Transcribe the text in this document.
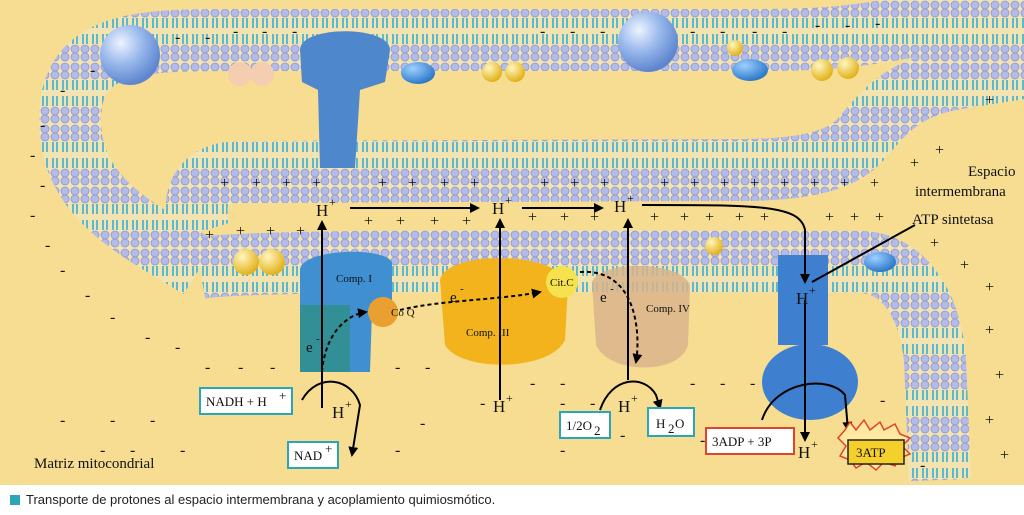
+ + + +	+ + + +	+ + +	+ + + + + + + +
+
+
+
+ + + +
+ + + +	+ + +	+ + + + +	+ + +
+
+
+
+
+
+
+
- - - - -	- - -	- - - - - - -
-
-
-
-
-
-
-
-
-
-
-
-
- - -	- -
- -	- - -
-	- -
-	- -	-
-
- -	-	-	-
-	-
-
H +	H +	H +
H +
H +	H +	H +
H +
e
-
e
-
e
-
Comp. I
Co Q
Comp. III
Cit.C
Comp. IV
Espacio
intermembrana
ATP sintetasa
Matriz mitocondrial
NADH + H +
NAD +
1/2O 2	H 2 O
3ADP + 3P
3ATP
Transporte de protones al espacio intermembrana y acoplamiento quimiosmótico.
